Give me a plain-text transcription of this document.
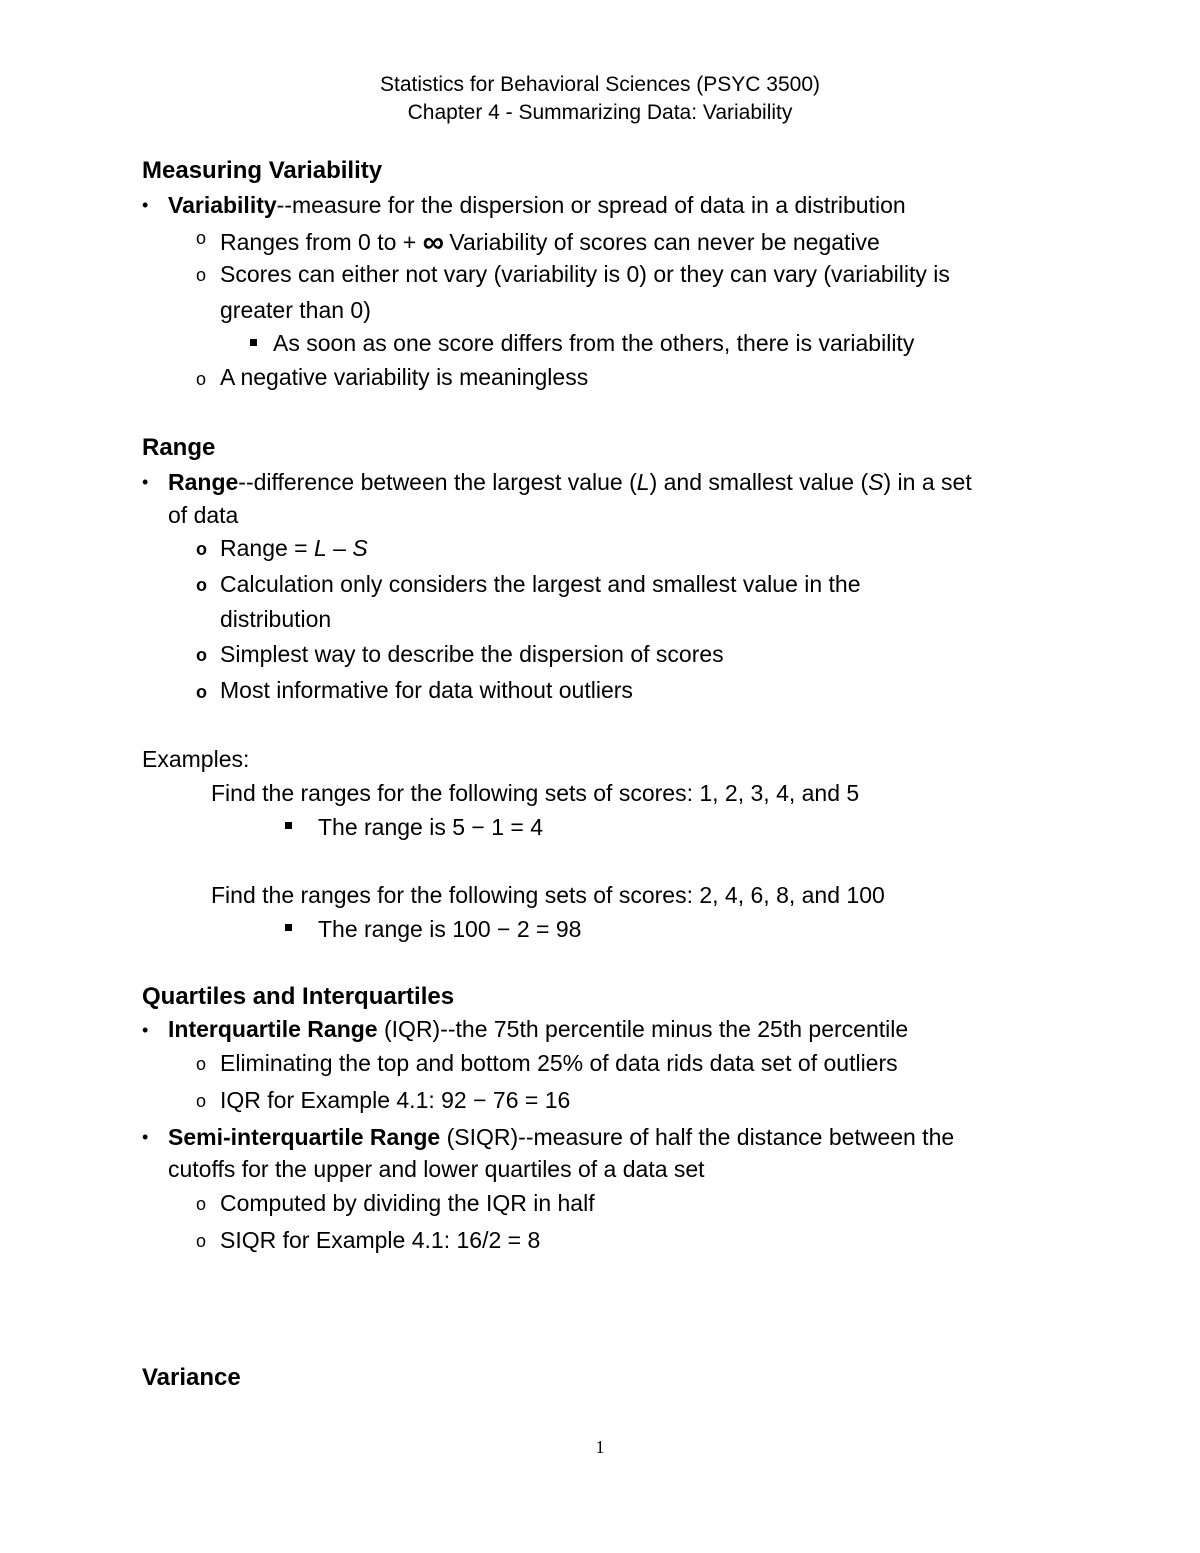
Statistics for Behavioral Sciences (PSYC 3500)
Chapter 4 - Summarizing Data: Variability
Measuring Variability
• Variability--measure for the dispersion or spread of data in a distribution
o Ranges from 0 to + ∞ Variability of scores can never be negative
o Scores can either not vary (variability is 0) or they can vary (variability is
greater than 0)
As soon as one score differs from the others, there is variability
o A negative variability is meaningless
Range
• Range--difference between the largest value (L) and smallest value (S) in a set
of data
o Range = L – S
o Calculation only considers the largest and smallest value in the
distribution
o Simplest way to describe the dispersion of scores
o Most informative for data without outliers
Examples:
Find the ranges for the following sets of scores: 1, 2, 3, 4, and 5
The range is 5 − 1 = 4
Find the ranges for the following sets of scores: 2, 4, 6, 8, and 100
The range is 100 − 2 = 98
Quartiles and Interquartiles
• Interquartile Range (IQR)--the 75th percentile minus the 25th percentile
o Eliminating the top and bottom 25% of data rids data set of outliers
o IQR for Example 4.1: 92 − 76 = 16
• Semi-interquartile Range (SIQR)--measure of half the distance between the
cutoffs for the upper and lower quartiles of a data set
o Computed by dividing the IQR in half
o SIQR for Example 4.1: 16/2 = 8
Variance
1
